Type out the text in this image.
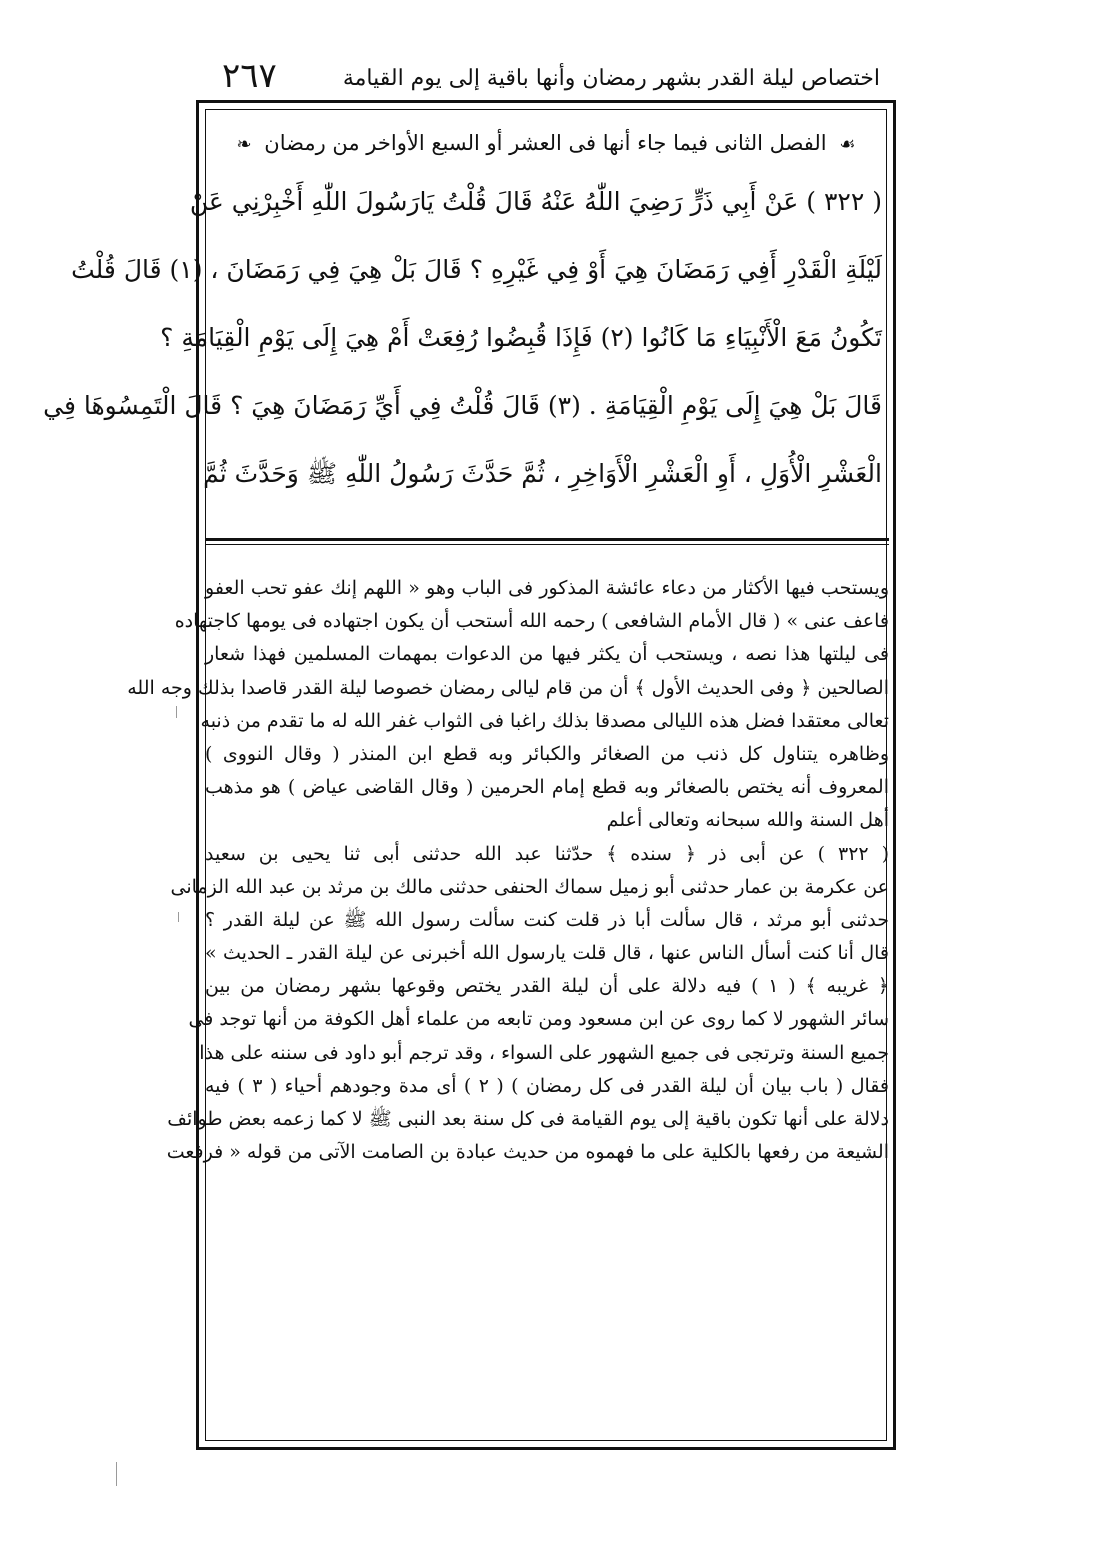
٢٦٧	اختصاص ليلة القدر بشهر رمضان وأنها باقية إلى يوم القيامة
☙ الفصل الثانى فيما جاء أنها فى العشر أو السبع الأواخر من رمضان ❧
( ٣٢٢ ) عَنْ أَبِي ذَرٍّ رَضِيَ اللّٰهُ عَنْهُ قَالَ قُلْتُ يَارَسُولَ اللّٰهِ أَخْبِرْنِي عَنْ
لَيْلَةِ الْقَدْرِ أَفِي رَمَضَانَ هِيَ أَوْ فِي غَيْرِهِ ؟ قَالَ بَلْ هِيَ فِي رَمَضَانَ ، (١) قَالَ قُلْتُ
تَكُونُ مَعَ الْأَنْبِيَاءِ مَا كَانُوا (٢) فَإِذَا قُبِضُوا رُفِعَتْ أَمْ هِيَ إِلَى يَوْمِ الْقِيَامَةِ ؟
قَالَ بَلْ هِيَ إِلَى يَوْمِ الْقِيَامَةِ . (٣) قَالَ قُلْتُ فِي أَيِّ رَمَضَانَ هِيَ ؟ قَالَ الْتَمِسُوهَا فِي
الْعَشْرِ الْأُوَلِ ، أَوِ الْعَشْرِ الْأَوَاخِرِ ، ثُمَّ حَدَّثَ رَسُولُ اللّٰهِ ﷺ وَحَدَّثَ ثُمَّ
ويستحب فيها الأكثار من دعاء عائشة المذكور فى الباب وهو « اللهم إنك عفو تحب العفو
فاعف عنى » ( قال الأمام الشافعى ) رحمه الله أستحب أن يكون اجتهاده فى يومها كاجتهاده
فى ليلتها هذا نصه ، ويستحب أن يكثر فيها من الدعوات بمهمات المسلمين فهذا شعار
الصالحين ﴿ وفى الحديث الأول ﴾ أن من قام ليالى رمضان خصوصا ليلة القدر قاصدا بذلك وجه الله
تعالى معتقدا فضل هذه الليالى مصدقا بذلك راغبا فى الثواب غفر الله له ما تقدم من ذنبه
وظاهره يتناول كل ذنب من الصغائر والكبائر وبه قطع ابن المنذر ( وقال النووى )
المعروف أنه يختص بالصغائر وبه قطع إمام الحرمين ( وقال القاضى عياض ) هو مذهب
أهل السنة والله سبحانه وتعالى أعلم
( ٣٢٢ ) عن أبى ذر ﴿ سنده ﴾ حدّثنا عبد الله حدثنى أبى ثنا يحيى بن سعيد
عن عكرمة بن عمار حدثنى أبو زميل سماك الحنفى حدثنى مالك بن مرثد بن عبد الله الزمانى
حدثنى أبو مرثد ، قال سألت أبا ذر قلت كنت سألت رسول الله ﷺ عن ليلة القدر ؟
قال أنا كنت أسأل الناس عنها ، قال قلت يارسول الله أخبرنى عن ليلة القدر ـ الحديث »
﴿ غريبه ﴾ ( ١ ) فيه دلالة على أن ليلة القدر يختص وقوعها بشهر رمضان من بين
سائر الشهور لا كما روى عن ابن مسعود ومن تابعه من علماء أهل الكوفة من أنها توجد فى
جميع السنة وترتجى فى جميع الشهور على السواء ، وقد ترجم أبو داود فى سننه على هذا
فقال ( باب بيان أن ليلة القدر فى كل رمضان ) ( ٢ ) أى مدة وجودهم أحياء ( ٣ ) فيه
دلالة على أنها تكون باقية إلى يوم القيامة فى كل سنة بعد النبى ﷺ لا كما زعمه بعض طوائف
الشيعة من رفعها بالكلية على ما فهموه من حديث عبادة بن الصامت الآتى من قوله « فرفعت
